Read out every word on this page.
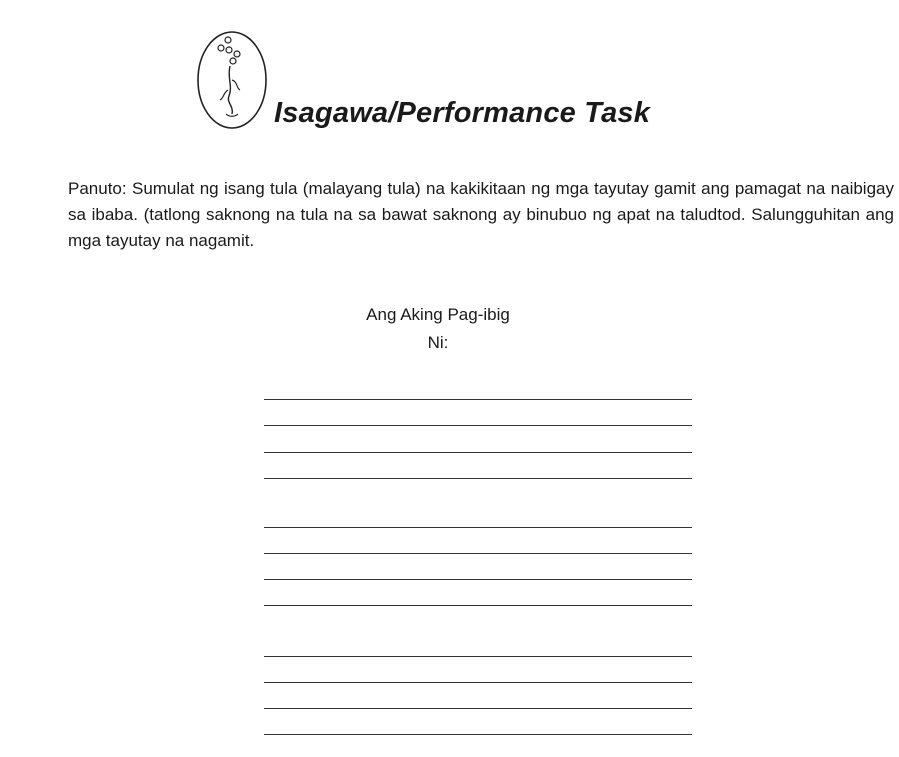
Isagawa/Performance Task

Panuto: Sumulat ng isang tula (malayang tula) na kakikitaan ng mga tayutay gamit ang pamagat na naibigay sa ibaba. (tatlong saknong na tula na sa bawat saknong ay binubuo ng apat na taludtod. Salungguhitan ang mga tayutay na nagamit.

Ang Aking Pag-ibig

Ni:
